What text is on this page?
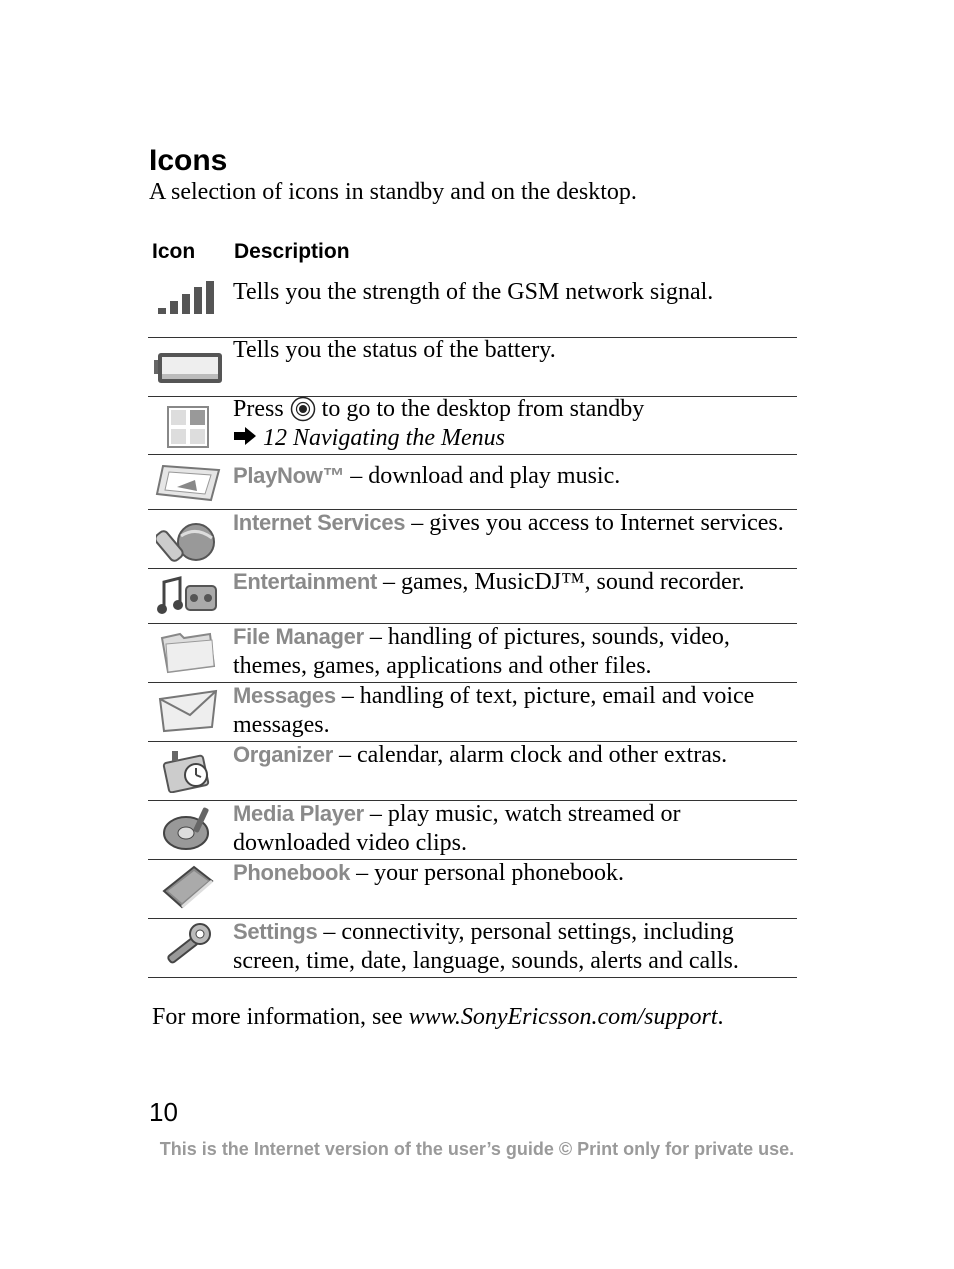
Icons

A selection of icons in standby and on the desktop.

Icon Description
Tells you the strength of the GSM network signal.
Tells you the status of the battery.
Press to go to the desktop from standby
12 Navigating the Menus
PlayNow™ – download and play music.
Internet Services – gives you access to Internet services.
Entertainment – games, MusicDJ™, sound recorder.
File Manager – handling of pictures, sounds, video, themes, games, applications and other files.
Messages – handling of text, picture, email and voice messages.
Organizer – calendar, alarm clock and other extras.
Media Player – play music, watch streamed or downloaded video clips.
Phonebook – your personal phonebook.
Settings – connectivity, personal settings, including screen, time, date, language, sounds, alerts and calls.

For more information, see www.SonyEricsson.com/support.

10

This is the Internet version of the user’s guide © Print only for private use.
